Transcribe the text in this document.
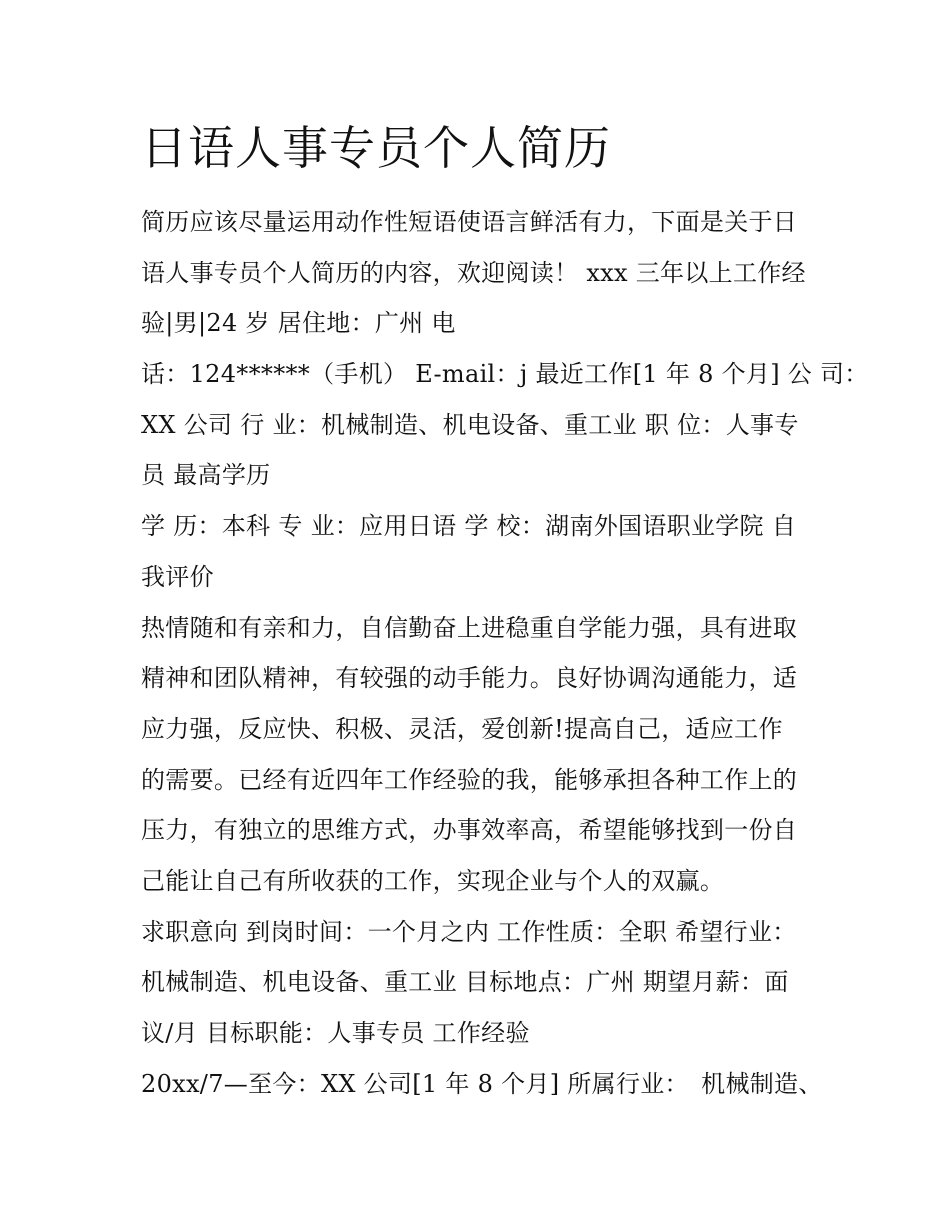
日语人事专员个人简历
简历应该尽量运用动作性短语使语言鲜活有力，下面是关于日
语人事专员个人简历的内容，欢迎阅读！ xxx 三年以上工作经
验|男|24 岁 居住地：广州 电
话：124******（手机） E-mail：j 最近工作[1 年 8 个月] 公 司：
XX 公司 行 业：机械制造、机电设备、重工业 职 位：人事专
员 最高学历
学 历：本科 专 业：应用日语 学 校：湖南外国语职业学院 自
我评价
热情随和有亲和力，自信勤奋上进稳重自学能力强，具有进取
精神和团队精神，有较强的动手能力。良好协调沟通能力，适
应力强，反应快、积极、灵活，爱创新!提高自己，适应工作
的需要。已经有近四年工作经验的我，能够承担各种工作上的
压力，有独立的思维方式，办事效率高，希望能够找到一份自
己能让自己有所收获的工作，实现企业与个人的双赢。
求职意向 到岗时间：一个月之内 工作性质：全职 希望行业：
机械制造、机电设备、重工业 目标地点：广州 期望月薪：面
议/月 目标职能：人事专员 工作经验
20xx/7—至今：XX 公司[1 年 8 个月] 所属行业：　机械制造、
